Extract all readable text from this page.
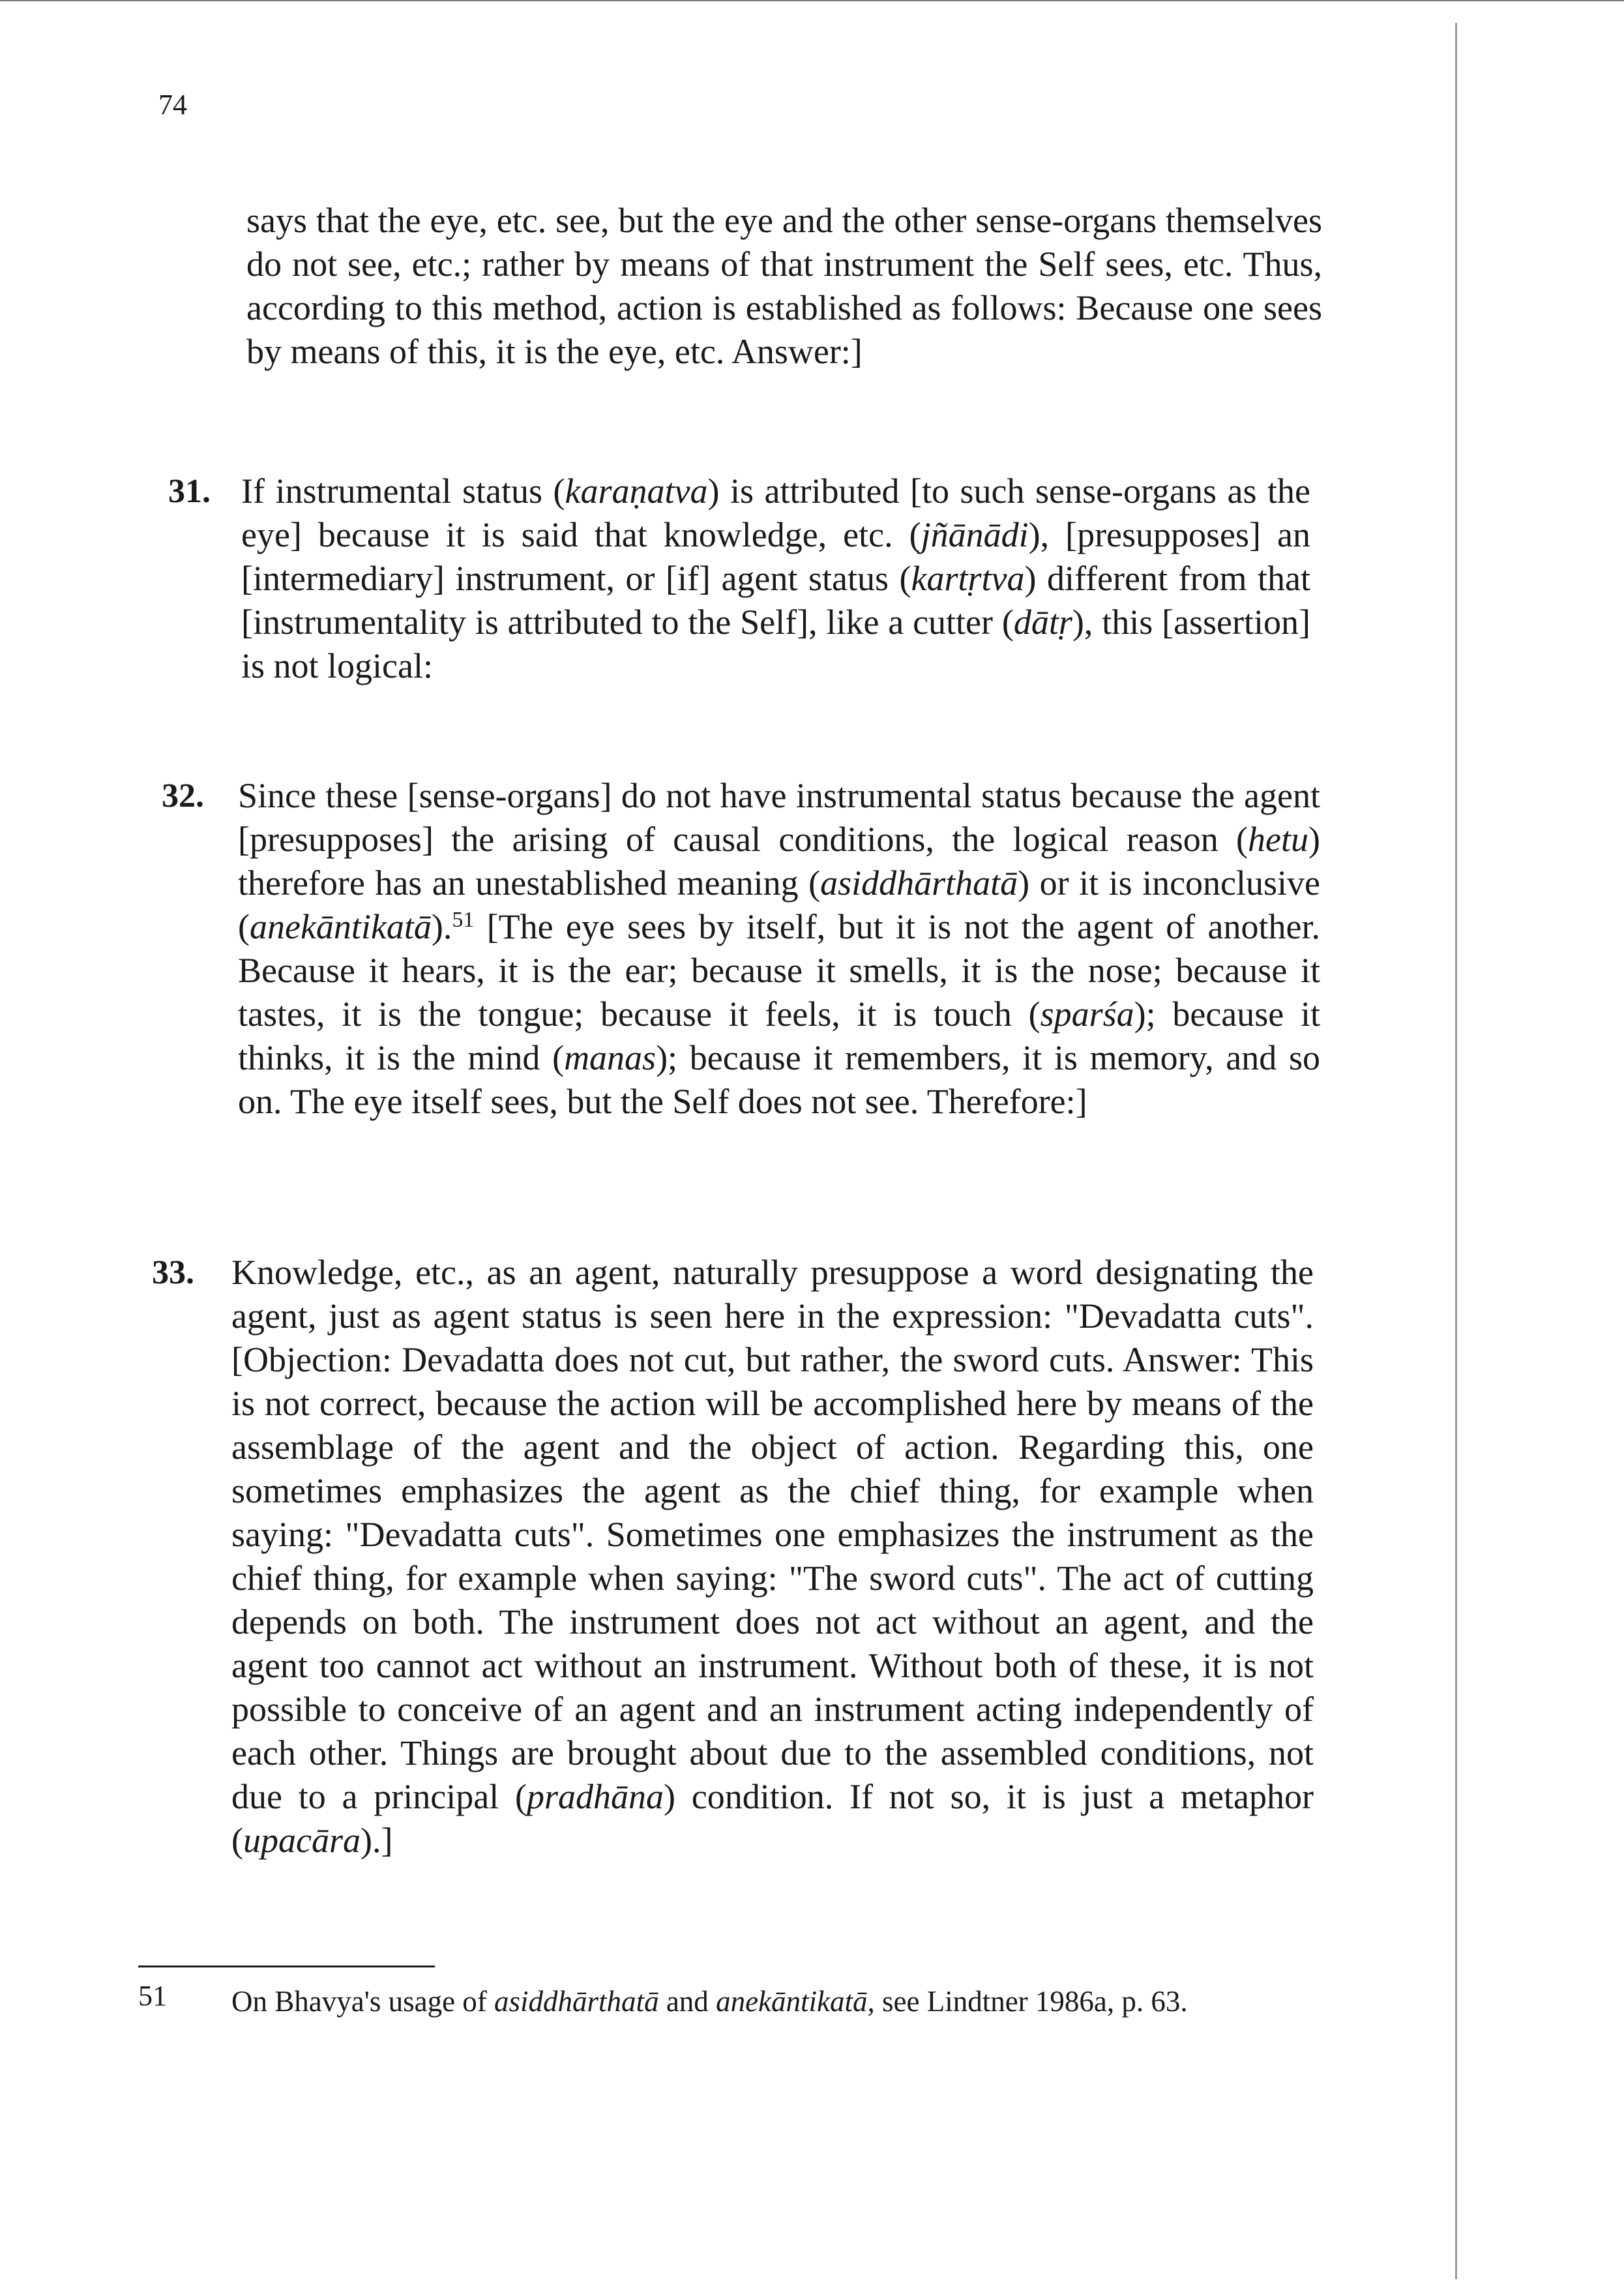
74

says that the eye, etc. see, but the eye and the other sense-organs themselves do not see, etc.; rather by means of that instrument the Self sees, etc. Thus, according to this method, action is established as follows: Because one sees by means of this, it is the eye, etc. Answer:]

31. If instrumental status (karaṇatva) is attributed [to such sense-organs as the eye] because it is said that knowledge, etc. (jñānādi), [presupposes] an [intermediary] instrument, or [if] agent status (kartṛtva) different from that [instrumentality is attributed to the Self], like a cutter (dātṛ), this [assertion] is not logical:

32. Since these [sense-organs] do not have instrumental status because the agent [presupposes] the arising of causal conditions, the logical reason (hetu) therefore has an unestablished meaning (asiddhārthatā) or it is inconclusive (anekāntikatā).$^{51}$ [The eye sees by itself, but it is not the agent of another. Because it hears, it is the ear; because it smells, it is the nose; because it tastes, it is the tongue; because it feels, it is touch (sparśa); because it thinks, it is the mind (manas); because it remembers, it is memory, and so on. The eye itself sees, but the Self does not see. Therefore:]

33. Knowledge, etc., as an agent, naturally presuppose a word designating the agent, just as agent status is seen here in the expression: "Devadatta cuts". [Objection: Devadatta does not cut, but rather, the sword cuts. Answer: This is not correct, because the action will be accomplished here by means of the assemblage of the agent and the object of action. Regarding this, one sometimes emphasizes the agent as the chief thing, for example when saying: "Devadatta cuts". Sometimes one emphasizes the instrument as the chief thing, for example when saying: "The sword cuts". The act of cutting depends on both. The instrument does not act without an agent, and the agent too cannot act without an instrument. Without both of these, it is not possible to conceive of an agent and an instrument acting independently of each other. Things are brought about due to the assembled conditions, not due to a principal (pradhāna) condition. If not so, it is just a metaphor (upacāra).]

51 On Bhavya's usage of asiddhārthatā and anekāntikatā, see Lindtner 1986a, p. 63.
